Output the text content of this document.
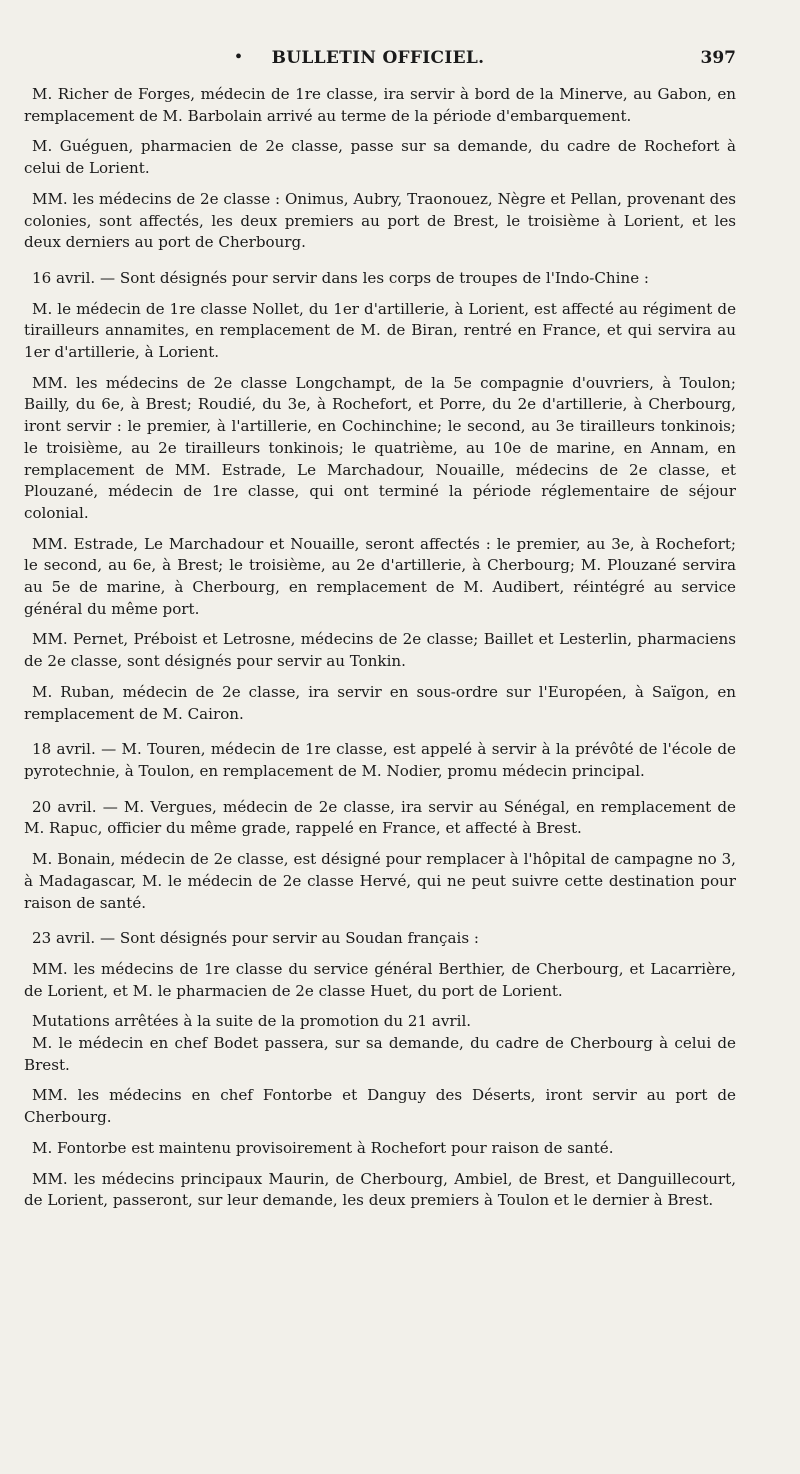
•	BULLETIN OFFICIEL.	397

M. Richer de Forges, médecin de 1re classe, ira servir à bord de la Minerve, au Gabon, en remplacement de M. Barbolain arrivé au terme de la période d'embarquement.

M. Guéguen, pharmacien de 2e classe, passe sur sa demande, du cadre de Rochefort à celui de Lorient.

MM. les médecins de 2e classe : Onimus, Aubry, Traonouez, Nègre et Pellan, provenant des colonies, sont affectés, les deux premiers au port de Brest, le troisième à Lorient, et les deux derniers au port de Cherbourg.

16 avril. — Sont désignés pour servir dans les corps de troupes de l'Indo-Chine :

M. le médecin de 1re classe Nollet, du 1er d'artillerie, à Lorient, est affecté au régiment de tirailleurs annamites, en remplacement de M. de Biran, rentré en France, et qui servira au 1er d'artillerie, à Lorient.

MM. les médecins de 2e classe Longchampt, de la 5e compagnie d'ouvriers, à Toulon; Bailly, du 6e, à Brest; Roudié, du 3e, à Rochefort, et Porre, du 2e d'artillerie, à Cherbourg, iront servir : le premier, à l'artillerie, en Cochinchine; le second, au 3e tirailleurs tonkinois; le troisième, au 2e tirailleurs tonkinois; le quatrième, au 10e de marine, en Annam, en remplacement de MM. Estrade, Le Marchadour, Nouaille, médecins de 2e classe, et Plouzané, médecin de 1re classe, qui ont terminé la période réglementaire de séjour colonial.

MM. Estrade, Le Marchadour et Nouaille, seront affectés : le premier, au 3e, à Rochefort; le second, au 6e, à Brest; le troisième, au 2e d'artillerie, à Cherbourg; M. Plouzané servira au 5e de marine, à Cherbourg, en remplacement de M. Audibert, réintégré au service général du même port.

MM. Pernet, Préboist et Letrosne, médecins de 2e classe; Baillet et Lesterlin, pharmaciens de 2e classe, sont désignés pour servir au Tonkin.

M. Ruban, médecin de 2e classe, ira servir en sous-ordre sur l'Européen, à Saïgon, en remplacement de M. Cairon.

18 avril. — M. Touren, médecin de 1re classe, est appelé à servir à la prévôté de l'école de pyrotechnie, à Toulon, en remplacement de M. Nodier, promu médecin principal.

20 avril. — M. Vergues, médecin de 2e classe, ira servir au Sénégal, en remplacement de M. Rapuc, officier du même grade, rappelé en France, et affecté à Brest.

M. Bonain, médecin de 2e classe, est désigné pour remplacer à l'hôpital de campagne no 3, à Madagascar, M. le médecin de 2e classe Hervé, qui ne peut suivre cette destination pour raison de santé.

23 avril. — Sont désignés pour servir au Soudan français :

MM. les médecins de 1re classe du service général Berthier, de Cherbourg, et Lacarrière, de Lorient, et M. le pharmacien de 2e classe Huet, du port de Lorient.

Mutations arrêtées à la suite de la promotion du 21 avril.

M. le médecin en chef Bodet passera, sur sa demande, du cadre de Cherbourg à celui de Brest.

MM. les médecins en chef Fontorbe et Danguy des Déserts, iront servir au port de Cherbourg.

M. Fontorbe est maintenu provisoirement à Rochefort pour raison de santé.

MM. les médecins principaux Maurin, de Cherbourg, Ambiel, de Brest, et Danguillecourt, de Lorient, passeront, sur leur demande, les deux premiers à Toulon et le dernier à Brest.
